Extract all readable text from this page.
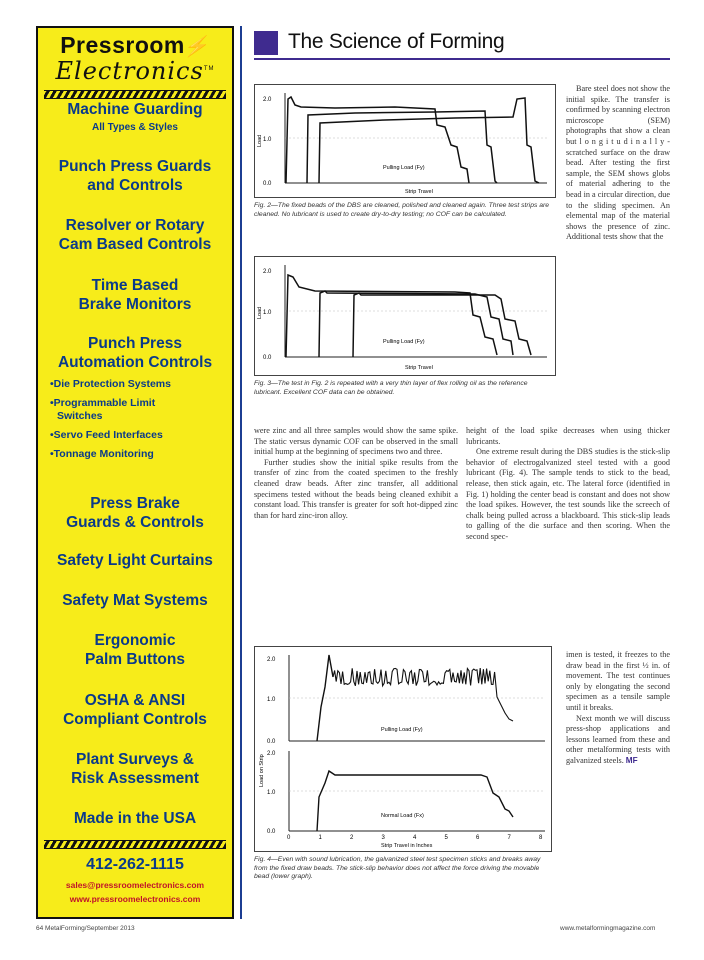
Pressroom⚡
Electronics™
Machine Guarding
All Types & Styles
Punch Press Guards
and Controls
Resolver or Rotary
Cam Based Controls
Time Based
Brake Monitors
Punch Press
Automation Controls
•Die Protection Systems
•Programmable Limit
Switches
•Servo Feed Interfaces
•Tonnage Monitoring
Press Brake
Guards & Controls
Safety Light Curtains
Safety Mat Systems
Ergonomic
Palm Buttons
OSHA & ANSI
Compliant Controls
Plant Surveys &
Risk Assessment
Made in the USA
412-262-1115
sales@pressroomelectronics.com
www.pressroomelectronics.com
The Science of Forming
2.0
1.0
0.0
Load
Pulling Load (Fy)
Strip Travel
Fig. 2—The fixed beads of the DBS are cleaned, polished and cleaned again. Three test strips are cleaned. No lubricant is used to create dry-to-dry testing; no COF can be calculated.
2.0
1.0
0.0
Load
Pulling Load (Fy)
Strip Travel
Fig. 3—The test in Fig. 2 is repeated with a very thin layer of flex rolling oil as the reference lubricant. Excellent COF data can be obtained.

Bare steel does not show the initial spike. The transfer is confirmed by scanning electron microscope (SEM) photographs that show a clean but l o n g i t u d i n a l l y - scratched surface on the draw bead. After testing the first sample, the SEM shows globs of material adhering to the bead in a circular direction, due to the sliding specimen. An elemental map of the material shows the presence of zinc. Additional tests show that the

were zinc and all three samples would show the same spike. The static versus dynamic COF can be observed in the small initial hump at the beginning of specimens two and three.

Further studies show the initial spike results from the transfer of zinc from the coated specimen to the freshly cleaned draw beads. After zinc transfer, all additional specimens tested without the beads being cleaned exhibit a constant load. This transfer is greater for soft hot-dipped zinc than for hard zinc-iron alloy.

height of the load spike decreases when using thicker lubricants.

One extreme result during the DBS studies is the stick-slip behavior of electrogalvanized steel tested with a good lubricant (Fig. 4). The sample tends to stick to the bead, release, then stick again, etc. The lateral force (identified in Fig. 1) holding the center bead is constant and does not show the load spikes. However, the test sounds like the screech of chalk being pulled across a blackboard. This stick-slip leads to galling of the die surface and then scoring. When the second spec-

2.0
1.0
0.0
Pulling Load (Fy)
2.0
1.0
0.0
Normal Load (Fx)
Load on Strip
0	1	2	3	4	5	6	7	8
Strip Travel in Inches
Fig. 4—Even with sound lubrication, the galvanized steel test specimen sticks and breaks away from the fixed draw beads. The stick-slip behavior does not affect the force driving the movable bead (lower graph).

imen is tested, it freezes to the draw bead in the first ½ in. of movement. The test continues only by elongating the second specimen as a tensile sample until it breaks.

Next month we will discuss press-shop applications and lessons learned from these and other metalforming tests with galvanized steels. MF

64 MetalForming/September 2013	www.metalformingmagazine.com
